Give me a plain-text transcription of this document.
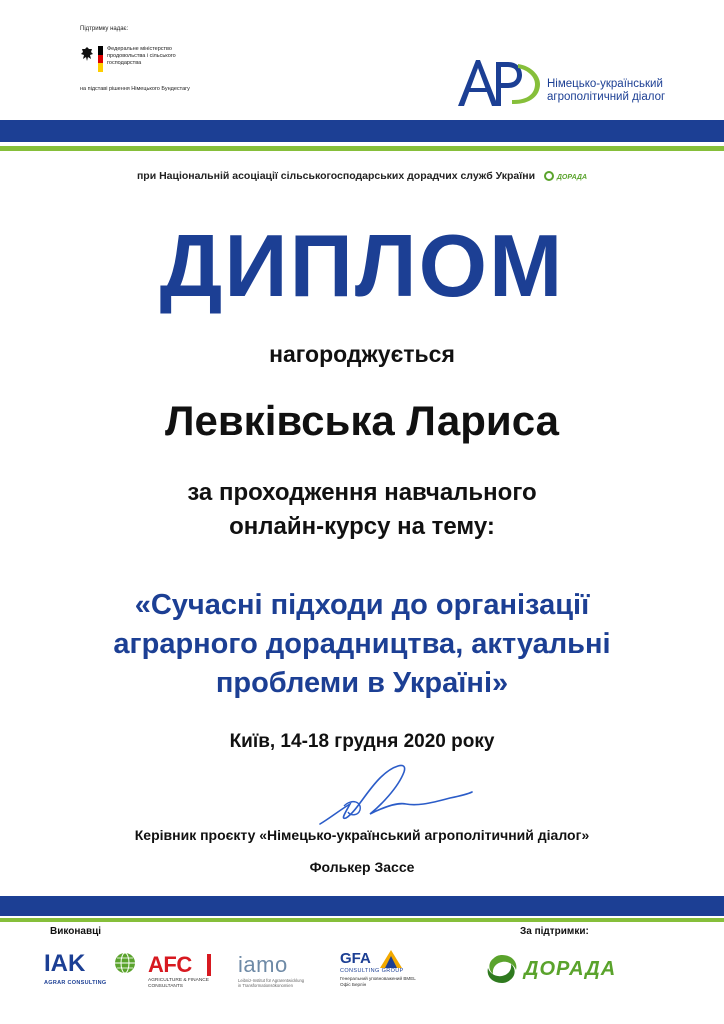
Підтримку надає:
Федеральне міністерство продовольства і сільського господарства
на підставі рішення Німецького Бундестагу	Німецько-український
агрополітичний діалог
при Національній асоціації сільськогосподарських дорадчих служб України	ДОРАДА
ДИПЛОМ
нагороджується
Левківська Лариса
за проходження навчального
онлайн-курсу на тему:
«Сучасні підходи до організації
аграрного дорадництва, актуальні
проблеми в Україні»
Київ, 14-18 грудня 2020 року
Керівник проєкту «Німецько-український агрополітичний діалог»
Фолькер Зассе
Виконавці	За підтримки:
IAK
AGRAR CONSULTING
AFC
AGRICULTURE & FINANCE
CONSULTANTS
iamo
Leibniz-Institut für Agrarentwicklung
in Transformationsökonomien
GFA
CONSULTING GROUP
Генеральний уповноважений BMEL
Офіс Берлін
ДОРАДА
